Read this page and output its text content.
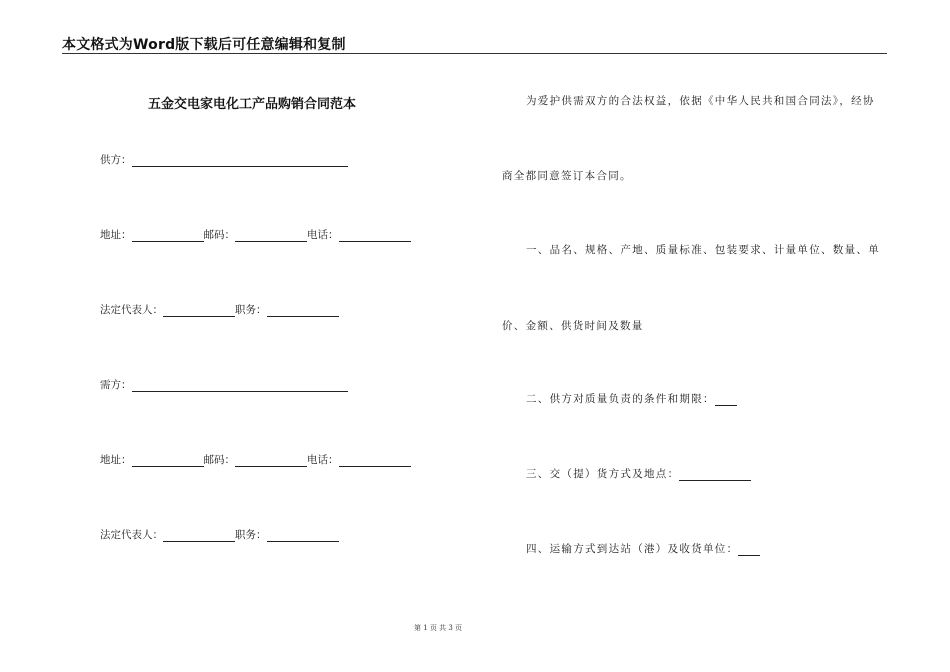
本文格式为Word版下载后可任意编辑和复制
五金交电家电化工产品购销合同范本
供方：
地址：	邮码：	电话：
法定代表人：	职务：
需方：
地址：	邮码：	电话：
法定代表人：	职务：
为爱护供需双方的合法权益，依据《中华人民共和国合同法》，经协
商全都同意签订本合同。
一、品名、规格、产地、质量标准、包装要求、计量单位、数量、单
价、金额、供货时间及数量
二、供方对质量负责的条件和期限：
三、交（提）货方式及地点：
四、运输方式到达站（港）及收货单位：
第 1 页 共 3 页
